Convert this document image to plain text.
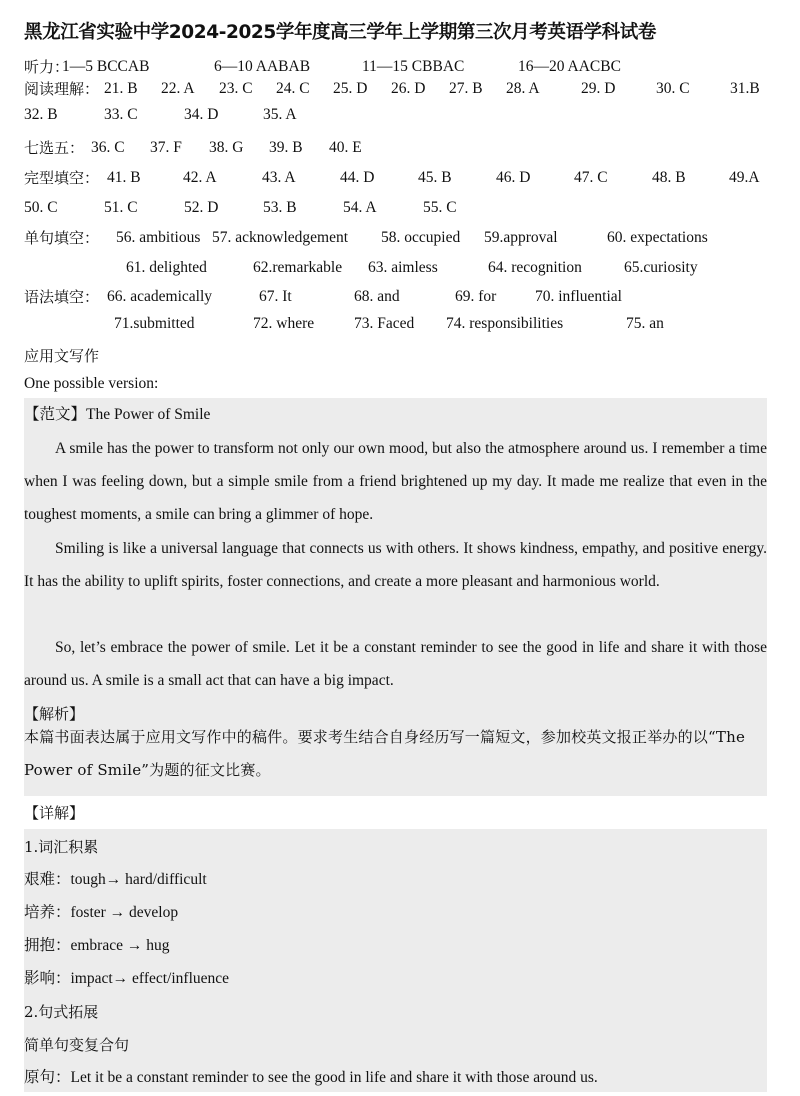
黑龙江省实验中学2024-2025学年度高三学年上学期第三次月考英语学科试卷
听力：
1—5 BCCAB	6—10 AABAB	11—15 CBBAC	16—20 AACBC
阅读理解： 21. B 22. A 23. C 24. C 25. D 26. D 27. B 28. A	29. D	30. C	31.B
32. B	33. C	34. D	35. A
七选五： 36. C 37. F 38. G 39. B 40. E
完型填空： 41. B	42. A	43. A	44. D	45. B	46. D	47. C	48. B	49.A
50. C	51. C	52. D	53. B	54. A	55. C
单句填空： 56. ambitious 57. acknowledgement 58. occupied 59.approval	60. expectations
61. delighted	62.remarkable 63. aimless	64. recognition	65.curiosity
语法填空： 66. academically	67. It	68. and	69. for 70. influential
71.submitted	72. where	73. Faced 74. responsibilities	75. an
应用文写作
One possible version:
【范文】The Power of Smile
A smile has the power to transform not only our own mood, but also the atmosphere around us. I remember a time when I was feeling down, but a simple smile from a friend brightened up my day. It made me realize that even in the toughest moments, a smile can bring a glimmer of hope.
Smiling is like a universal language that connects us with others. It shows kindness, empathy, and positive energy. It has the ability to uplift spirits, foster connections, and create a more pleasant and harmonious world.
So, let’s embrace the power of smile. Let it be a constant reminder to see the good in life and share it with those around us. A smile is a small act that can have a big impact.
【解析】
本篇书面表达属于应用文写作中的稿件。要求考生结合自身经历写一篇短文，参加校英文报正举办的以“The Power of Smile”为题的征文比赛。
【详解】
1.词汇积累
艰难：tough→ hard/difficult
培养：foster → develop
拥抱：embrace → hug
影响：impact→ effect/influence
2.句式拓展
简单句变复合句
原句：Let it be a constant reminder to see the good in life and share it with those around us.
